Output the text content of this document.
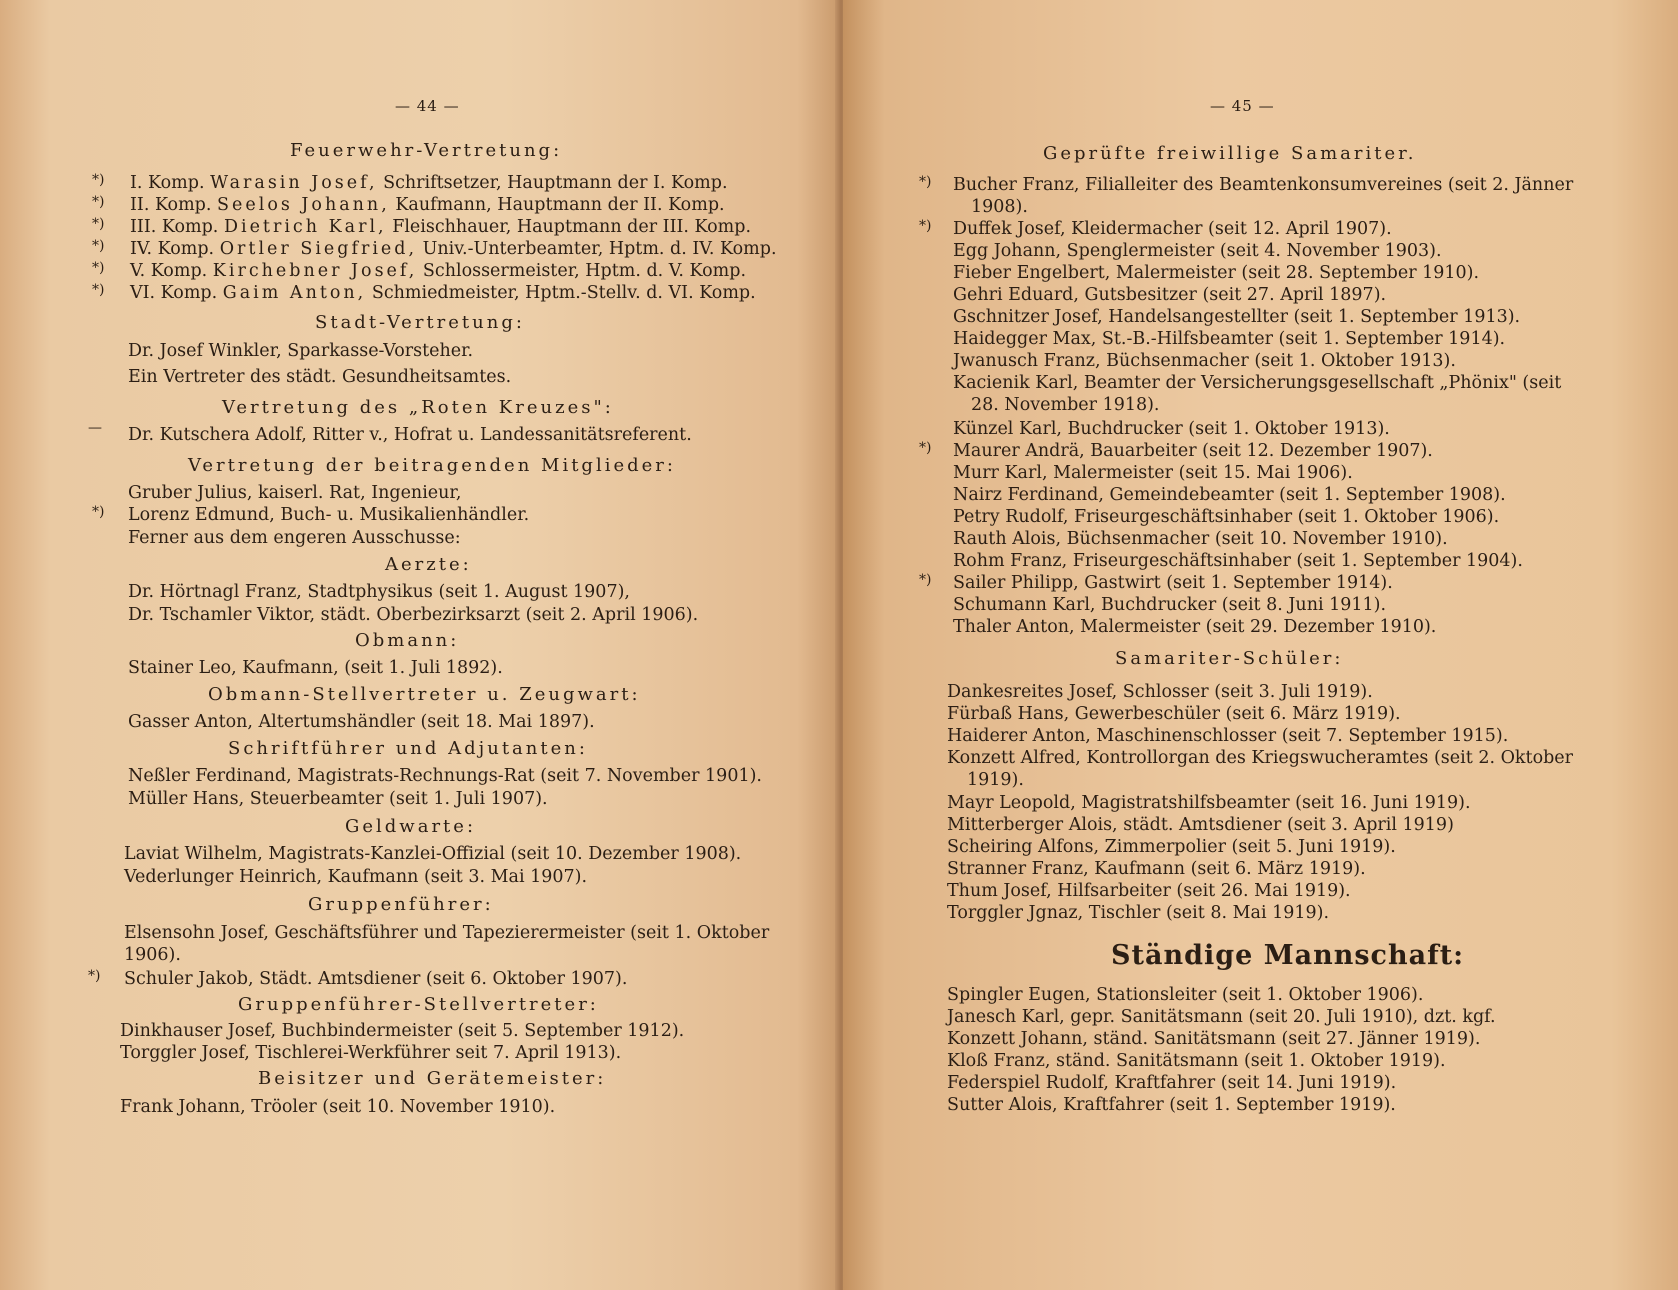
— 44 —
Feuerwehr-Vertretung:
*) I. Komp. Warasin Josef, Schriftsetzer, Hauptmann der I. Komp.
*) II. Komp. Seelos Johann, Kaufmann, Hauptmann der II. Komp.
*) III. Komp. Dietrich Karl, Fleischhauer, Hauptmann der III. Komp.
*) IV. Komp. Ortler Siegfried, Univ.-Unterbeamter, Hptm. d. IV. Komp.
*) V. Komp. Kirchebner Josef, Schlossermeister, Hptm. d. V. Komp.
*) VI. Komp. Gaim Anton, Schmiedmeister, Hptm.-Stellv. d. VI. Komp.
Stadt-Vertretung:
Dr. Josef Winkler, Sparkasse-Vorsteher.
Ein Vertreter des städt. Gesundheitsamtes.
Vertretung des „Roten Kreuzes":
— Dr. Kutschera Adolf, Ritter v., Hofrat u. Landessanitätsreferent.
Vertretung der beitragenden Mitglieder:
Gruber Julius, kaiserl. Rat, Ingenieur,
*) Lorenz Edmund, Buch- u. Musikalienhändler.
Ferner aus dem engeren Ausschusse:
Aerzte:
Dr. Hörtnagl Franz, Stadtphysikus (seit 1. August 1907),
Dr. Tschamler Viktor, städt. Oberbezirksarzt (seit 2. April 1906).
Obmann:
Stainer Leo, Kaufmann, (seit 1. Juli 1892).
Obmann-Stellvertreter u. Zeugwart:
Gasser Anton, Altertumshändler (seit 18. Mai 1897).
Schriftführer und Adjutanten:
Neßler Ferdinand, Magistrats-Rechnungs-Rat (seit 7. November 1901).
Müller Hans, Steuerbeamter (seit 1. Juli 1907).
Geldwarte:
Laviat Wilhelm, Magistrats-Kanzlei-Offizial (seit 10. Dezember 1908).
Vederlunger Heinrich, Kaufmann (seit 3. Mai 1907).
Gruppenführer:
Elsensohn Josef, Geschäftsführer und Tapezierermeister (seit 1. Oktober
1906).
*) Schuler Jakob, Städt. Amtsdiener (seit 6. Oktober 1907).
Gruppenführer-Stellvertreter:
Dinkhauser Josef, Buchbindermeister (seit 5. September 1912).
Torggler Josef, Tischlerei-Werkführer seit 7. April 1913).
Beisitzer und Gerätemeister:
Frank Johann, Tröoler (seit 10. November 1910).
— 45 —
Geprüfte freiwillige Samariter.
*) Bucher Franz, Filialleiter des Beamtenkonsumvereines (seit 2. Jänner
1908).
*) Duffek Josef, Kleidermacher (seit 12. April 1907).
Egg Johann, Spenglermeister (seit 4. November 1903).
Fieber Engelbert, Malermeister (seit 28. September 1910).
Gehri Eduard, Gutsbesitzer (seit 27. April 1897).
Gschnitzer Josef, Handelsangestellter (seit 1. September 1913).
Haidegger Max, St.-B.-Hilfsbeamter (seit 1. September 1914).
Jwanusch Franz, Büchsenmacher (seit 1. Oktober 1913).
Kacienik Karl, Beamter der Versicherungsgesellschaft „Phönix" (seit
28. November 1918).
Künzel Karl, Buchdrucker (seit 1. Oktober 1913).
*) Maurer Andrä, Bauarbeiter (seit 12. Dezember 1907).
Murr Karl, Malermeister (seit 15. Mai 1906).
Nairz Ferdinand, Gemeindebeamter (seit 1. September 1908).
Petry Rudolf, Friseurgeschäftsinhaber (seit 1. Oktober 1906).
Rauth Alois, Büchsenmacher (seit 10. November 1910).
Rohm Franz, Friseurgeschäftsinhaber (seit 1. September 1904).
*) Sailer Philipp, Gastwirt (seit 1. September 1914).
Schumann Karl, Buchdrucker (seit 8. Juni 1911).
Thaler Anton, Malermeister (seit 29. Dezember 1910).
Samariter-Schüler:
Dankesreites Josef, Schlosser (seit 3. Juli 1919).
Fürbaß Hans, Gewerbeschüler (seit 6. März 1919).
Haiderer Anton, Maschinenschlosser (seit 7. September 1915).
Konzett Alfred, Kontrollorgan des Kriegswucheramtes (seit 2. Oktober
1919).
Mayr Leopold, Magistratshilfsbeamter (seit 16. Juni 1919).
Mitterberger Alois, städt. Amtsdiener (seit 3. April 1919)
Scheiring Alfons, Zimmerpolier (seit 5. Juni 1919).
Stranner Franz, Kaufmann (seit 6. März 1919).
Thum Josef, Hilfsarbeiter (seit 26. Mai 1919).
Torggler Jgnaz, Tischler (seit 8. Mai 1919).
Ständige Mannschaft:
Spingler Eugen, Stationsleiter (seit 1. Oktober 1906).
Janesch Karl, gepr. Sanitätsmann (seit 20. Juli 1910), dzt. kgf.
Konzett Johann, ständ. Sanitätsmann (seit 27. Jänner 1919).
Kloß Franz, ständ. Sanitätsmann (seit 1. Oktober 1919).
Federspiel Rudolf, Kraftfahrer (seit 14. Juni 1919).
Sutter Alois, Kraftfahrer (seit 1. September 1919).
